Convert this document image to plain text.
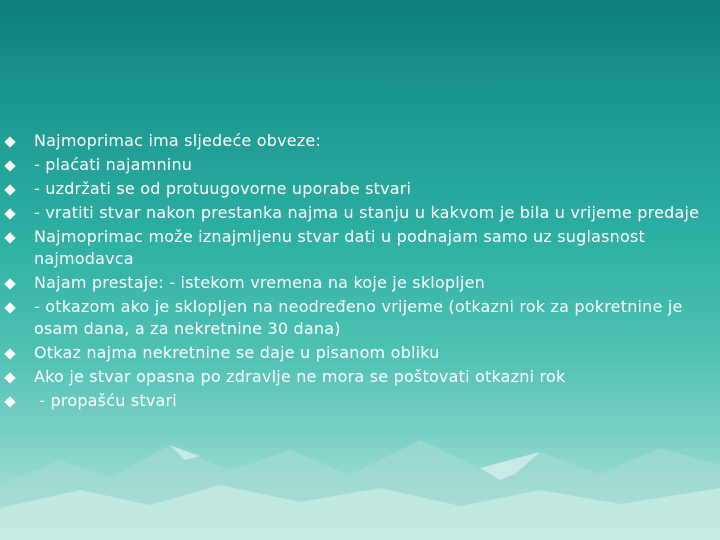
Najmoprimac ima sljedeće obveze:
- plaćati najamninu
- uzdržati se od protuugovorne uporabe stvari
- vratiti stvar nakon prestanka najma u stanju u kakvom je bila u vrijeme predaje
Najmoprimac može iznajmljenu stvar dati u podnajam samo uz suglasnost najmodavca
Najam prestaje: - istekom vremena na koje je sklopljen
- otkazom ako je sklopljen na neodređeno vrijeme (otkazni rok za pokretnine je osam dana, a za nekretnine 30 dana)
Otkaz najma nekretnine se daje u pisanom obliku
Ako je stvar opasna po zdravlje ne mora se poštovati otkazni rok
- propašću stvari
